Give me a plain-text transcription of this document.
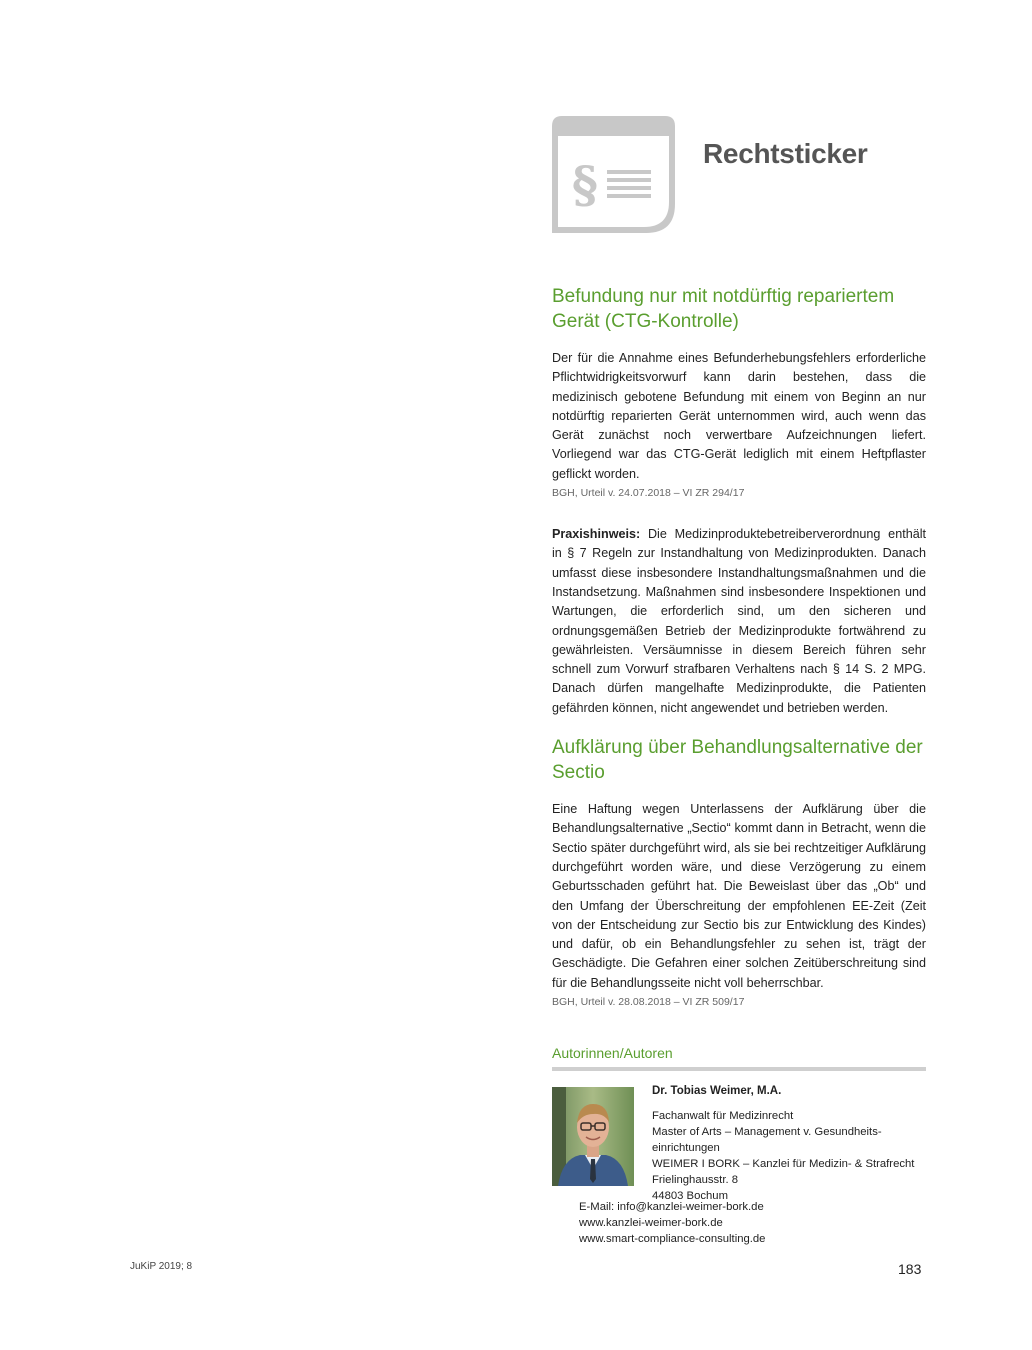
§
Rechtsticker
Befundung nur mit notdürftig repariertem Gerät (CTG-Kontrolle)

Der für die Annahme eines Befunderhebungsfehlers erforderliche Pflichtwidrigkeitsvorwurf kann darin bestehen, dass die medizinisch gebotene Befundung mit einem von Beginn an nur notdürftig reparierten Gerät unternommen wird, auch wenn das Gerät zunächst noch verwertbare Aufzeichnungen liefert. Vorliegend war das CTG-Gerät lediglich mit einem Heftpflaster geflickt worden.

BGH, Urteil v. 24.07.2018 – VI ZR 294/17

Praxishinweis: Die Medizinproduktebetreiberverordnung enthält in § 7 Regeln zur Instandhaltung von Medizinprodukten. Danach umfasst diese insbesondere Instandhaltungsmaßnahmen und die Instandsetzung. Maßnahmen sind insbesondere Inspektionen und Wartungen, die erforderlich sind, um den sicheren und ordnungsgemäßen Betrieb der Medizinprodukte fortwährend zu gewährleisten. Versäumnisse in diesem Bereich führen sehr schnell zum Vorwurf strafbaren Verhaltens nach § 14 S. 2 MPG. Danach dürfen mangelhafte Medizinprodukte, die Patienten gefährden können, nicht angewendet und betrieben werden.

Aufklärung über Behandlungsalternative der Sectio

Eine Haftung wegen Unterlassens der Aufklärung über die Behandlungsalternative „Sectio“ kommt dann in Betracht, wenn die Sectio später durchgeführt wird, als sie bei rechtzeitiger Aufklärung durchgeführt worden wäre, und diese Verzögerung zu einem Geburtsschaden geführt hat. Die Beweislast über das „Ob“ und den Umfang der Überschreitung der empfohlenen EE-Zeit (Zeit von der Entscheidung zur Sectio bis zur Entwicklung des Kindes) und dafür, ob ein Behandlungsfehler zu sehen ist, trägt der Geschädigte. Die Gefahren einer solchen Zeitüberschreitung sind für die Behandlungsseite nicht voll beherrschbar.

BGH, Urteil v. 28.08.2018 – VI ZR 509/17

Autorinnen/Autoren

Dr. Tobias Weimer, M.A.

Fachanwalt für Medizinrecht

Master of Arts – Management v. Gesundheits-

einrichtungen

WEIMER I BORK – Kanzlei für Medizin- & Strafrecht

Frielinghausstr. 8

44803 Bochum

E-Mail: info@kanzlei-weimer-bork.de

www.kanzlei-weimer-bork.de

www.smart-compliance-consulting.de

JuKiP 2019; 8	183
